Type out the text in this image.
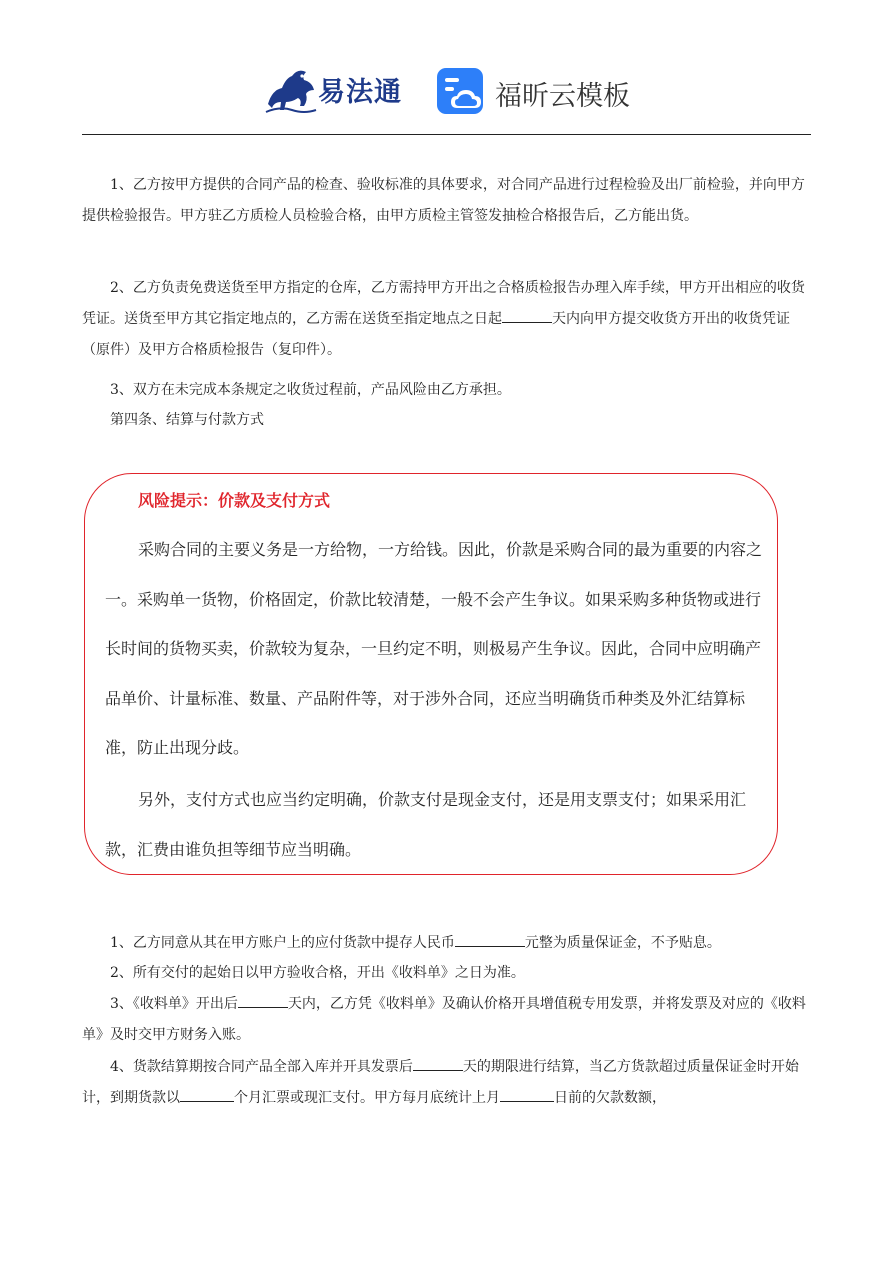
易法通	福昕云模板

1、乙方按甲方提供的合同产品的检查、验收标准的具体要求，对合同产品进行过程检验及出厂前检验，并向甲方提供检验报告。甲方驻乙方质检人员检验合格，由甲方质检主管签发抽检合格报告后，乙方能出货。

2、乙方负责免费送货至甲方指定的仓库，乙方需持甲方开出之合格质检报告办理入库手续，甲方开出相应的收货凭证。送货至甲方其它指定地点的，乙方需在送货至指定地点之日起	天内向甲方提交收货方开出的收货凭证（原件）及甲方合格质检报告（复印件）。

3、双方在未完成本条规定之收货过程前，产品风险由乙方承担。

第四条、结算与付款方式

风险提示：价款及支付方式

采购合同的主要义务是一方给物，一方给钱。因此，价款是采购合同的最为重要的内容之一。采购单一货物，价格固定，价款比较清楚，一般不会产生争议。如果采购多种货物或进行长时间的货物买卖，价款较为复杂，一旦约定不明，则极易产生争议。因此，合同中应明确产品单价、计量标准、数量、产品附件等，对于涉外合同，还应当明确货币种类及外汇结算标准，防止出现分歧。

另外，支付方式也应当约定明确，价款支付是现金支付，还是用支票支付；如果采用汇款，汇费由谁负担等细节应当明确。

1、乙方同意从其在甲方账户上的应付货款中提存人民币	元整为质量保证金，不予贴息。

2、所有交付的起始日以甲方验收合格，开出《收料单》之日为准。

3、《收料单》开出后	天内，乙方凭《收料单》及确认价格开具增值税专用发票，并将发票及对应的《收料单》及时交甲方财务入账。

4、货款结算期按合同产品全部入库并开具发票后	天的期限进行结算，当乙方货款超过质量保证金时开始计，到期货款以	个月汇票或现汇支付。甲方每月底统计上月	日前的欠款数额，
